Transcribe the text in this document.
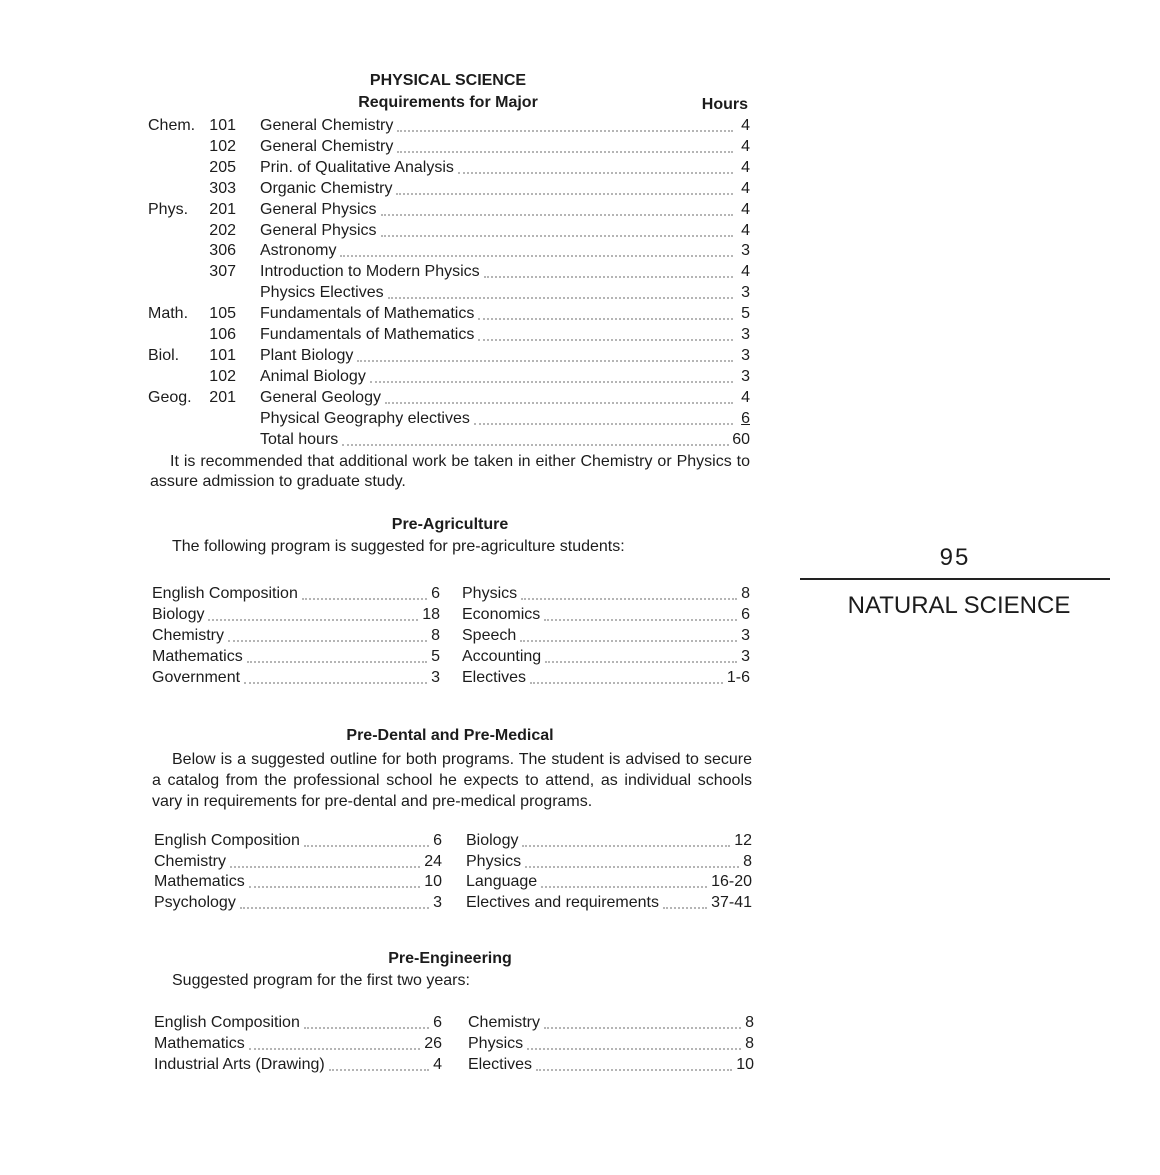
PHYSICAL SCIENCE
Requirements for Major	Hours
Chem. 101 General Chemistry	4
102 General Chemistry	4
205 Prin. of Qualitative Analysis	4
303 Organic Chemistry	4
Phys. 201 General Physics	4
202 General Physics	4
306 Astronomy	3
307 Introduction to Modern Physics	4
Physics Electives	3
Math. 105 Fundamentals of Mathematics	5
106 Fundamentals of Mathematics	3
Biol. 101 Plant Biology	3
102 Animal Biology	3
Geog. 201 General Geology	4
Physical Geography electives	6
Total hours	60
It is recommended that additional work be taken in either Chemistry or Physics to assure admission to graduate study.
Pre-Agriculture
The following program is suggested for pre-agriculture students:
English Composition	6
Biology	18
Chemistry	8
Mathematics	5
Government	3
Physics	8
Economics	6
Speech	3
Accounting	3
Electives	1-6
Pre-Dental and Pre-Medical
Below is a suggested outline for both programs. The student is advised to secure a catalog from the professional school he expects to attend, as individual schools vary in requirements for pre-dental and pre-medical programs.
English Composition	6
Chemistry	24
Mathematics	10
Psychology	3
Biology	12
Physics	8
Language	16-20
Electives and requirements	37-41
Pre-Engineering
Suggested program for the first two years:
English Composition	6
Mathematics	26
Industrial Arts (Drawing)	4
Chemistry	8
Physics	8
Electives	10
95
NATURAL SCIENCE
